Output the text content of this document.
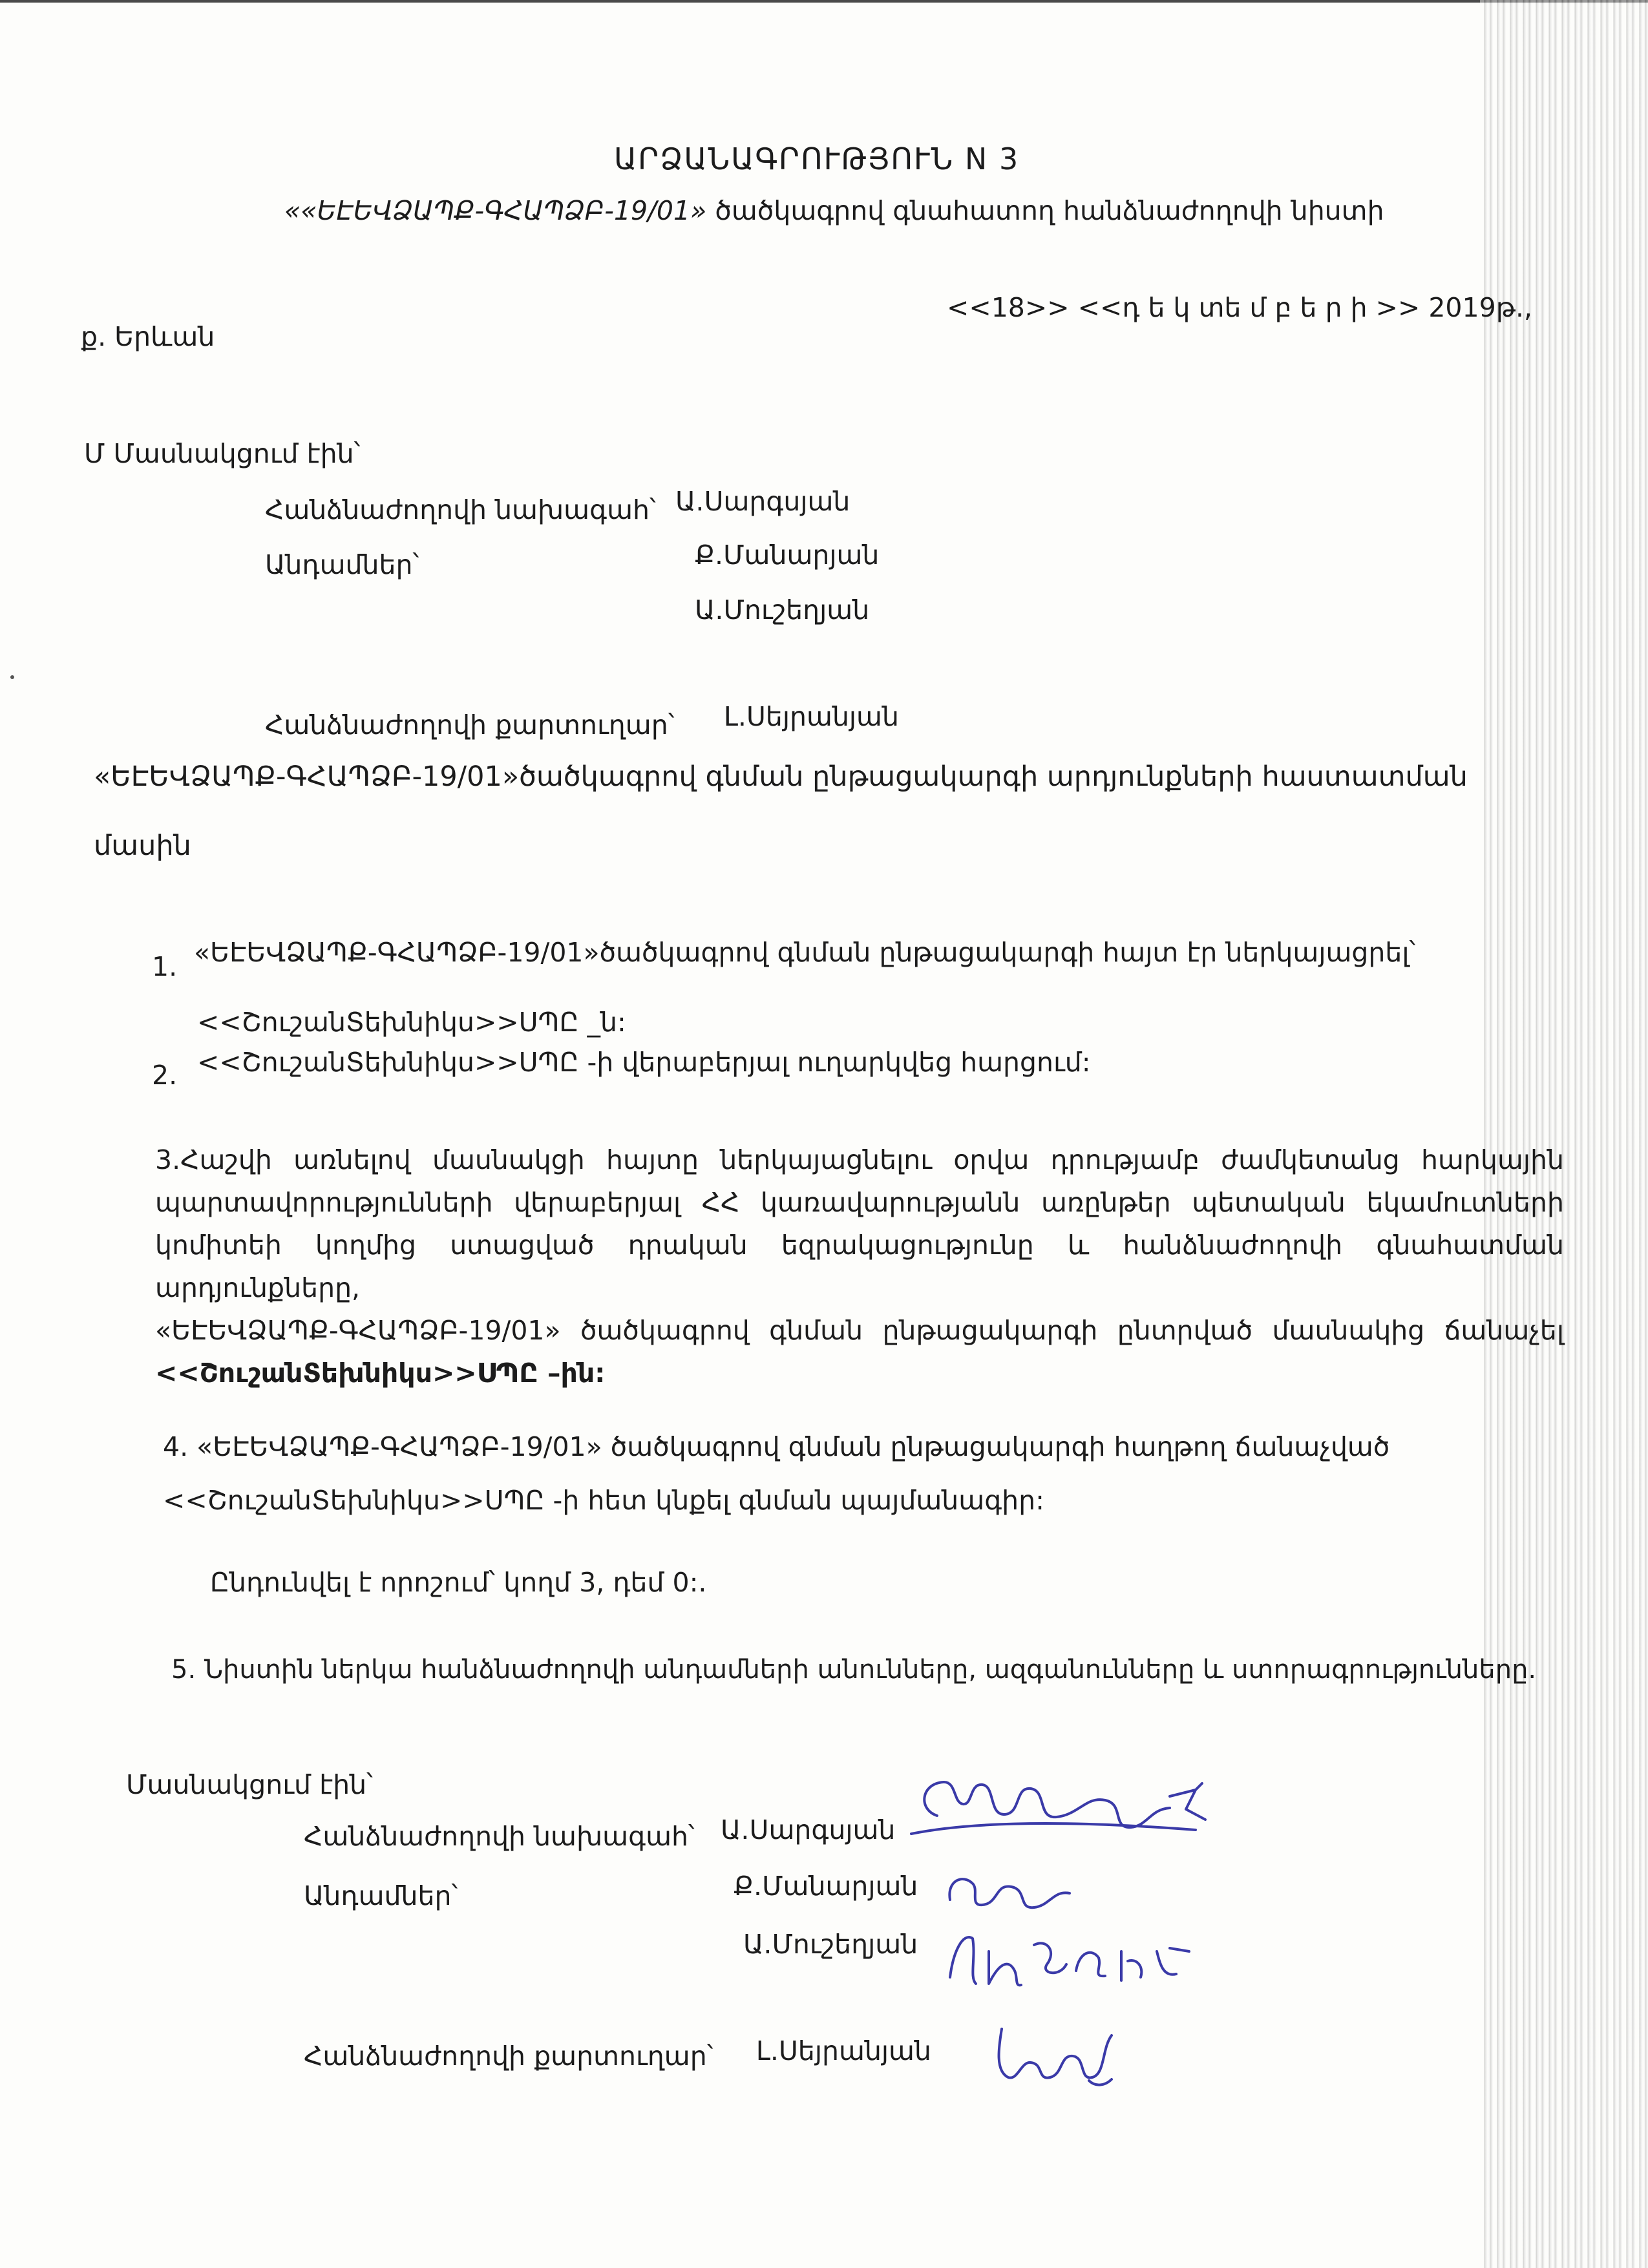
ԱՐՁԱՆԱԳՐՈՒԹՅՈՒՆ N 3
««ԵԷԵՎՁԱՊՔ-ԳՀԱՊՁԲ-19/01» ծածկագրով գնահատող հանձնաժողովի նիստի
<<18>> <<դ ե կ տե մ բ ե ր ի >> 2019թ.,
ք. Երևան
Մ Մասնակցում էին՝
Հանձնաժողովի նախագահ՝ Ա.Սարգսյան
Անդամներ՝	Ք.Մանարյան
Ա.Մուշեղյան
Հանձնաժողովի քարտուղար՝ Լ.Սեյրանյան
«ԵԷԵՎՁԱՊՔ-ԳՀԱՊՁԲ-19/01»ծածկագրով գնման ընթացակարգի արդյունքների հաստատման
մասին
1. «ԵԷԵՎՁԱՊՔ-ԳՀԱՊՁԲ-19/01»ծածկագրով գնման ընթացակարգի հայտ էր ներկայացրել՝
<<ՇուշանՏեխնիկս>>ՍՊԸ _ն:
2. <<ՇուշանՏեխնիկս>>ՍՊԸ -ի վերաբերյալ ուղարկվեց հարցում:
3.Հաշվի առնելով մասնակցի հայտը ներկայացնելու օրվա դրությամբ ժամկետանց հարկային
պարտավորությունների վերաբերյալ ՀՀ կառավարությանն առընթեր պետական եկամուտների
կոմիտեի կողմից ստացված դրական եզրակացությունը և հանձնաժողովի գնահատման արդյունքները,
«ԵԷԵՎՁԱՊՔ-ԳՀԱՊՁԲ-19/01» ծածկագրով գնման ընթացակարգի ընտրված մասնակից ճանաչել
<<ՇուշանՏեխնիկս>>ՍՊԸ –ին:
4. «ԵԷԵՎՁԱՊՔ-ԳՀԱՊՁԲ-19/01» ծածկագրով գնման ընթացակարգի հաղթող ճանաչված
<<ՇուշանՏեխնիկս>>ՍՊԸ -ի հետ կնքել գնման պայմանագիր:
Ընդունվել է որոշում՝ կողմ 3, դեմ 0:.
5. Նիստին ներկա հանձնաժողովի անդամների անունները, ազգանունները և ստորագրությունները.
Մասնակցում էին՝
Հանձնաժողովի նախագահ՝ Ա.Սարգսյան
Անդամներ՝	Ք.Մանարյան
Ա.Մուշեղյան
Հանձնաժողովի քարտուղար՝ Լ.Սեյրանյան
